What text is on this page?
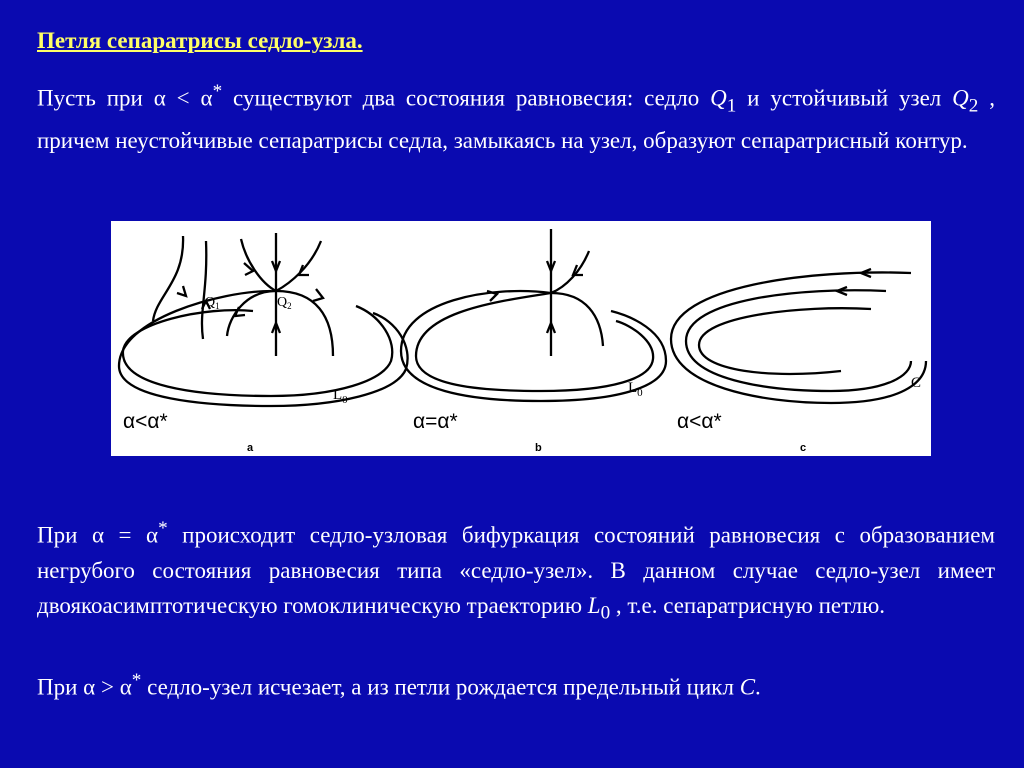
Петля сепаратрисы седло-узла.

Пусть при α < α* существуют два состояния равновесия: седло $Q_1$ и устойчивый узел $Q_2$ , причем неустойчивые сепаратрисы седла, замыкаясь на узел, образуют сепаратрисный контур.

$Q_1$	$Q_2$
$L_0$
α<α*
a
$L_0$
α=α*
b
C
α<α*
c

При α = α* происходит седло-узловая бифуркация состояний равновесия с образованием негрубого состояния равновесия типа «седло-узел». В данном случае седло-узел имеет двоякоасимптотическую гомоклиническую траекторию $L_0$ , т.е. сепаратрисную петлю.

При α > α* седло-узел исчезает, а из петли рождается предельный цикл C.
